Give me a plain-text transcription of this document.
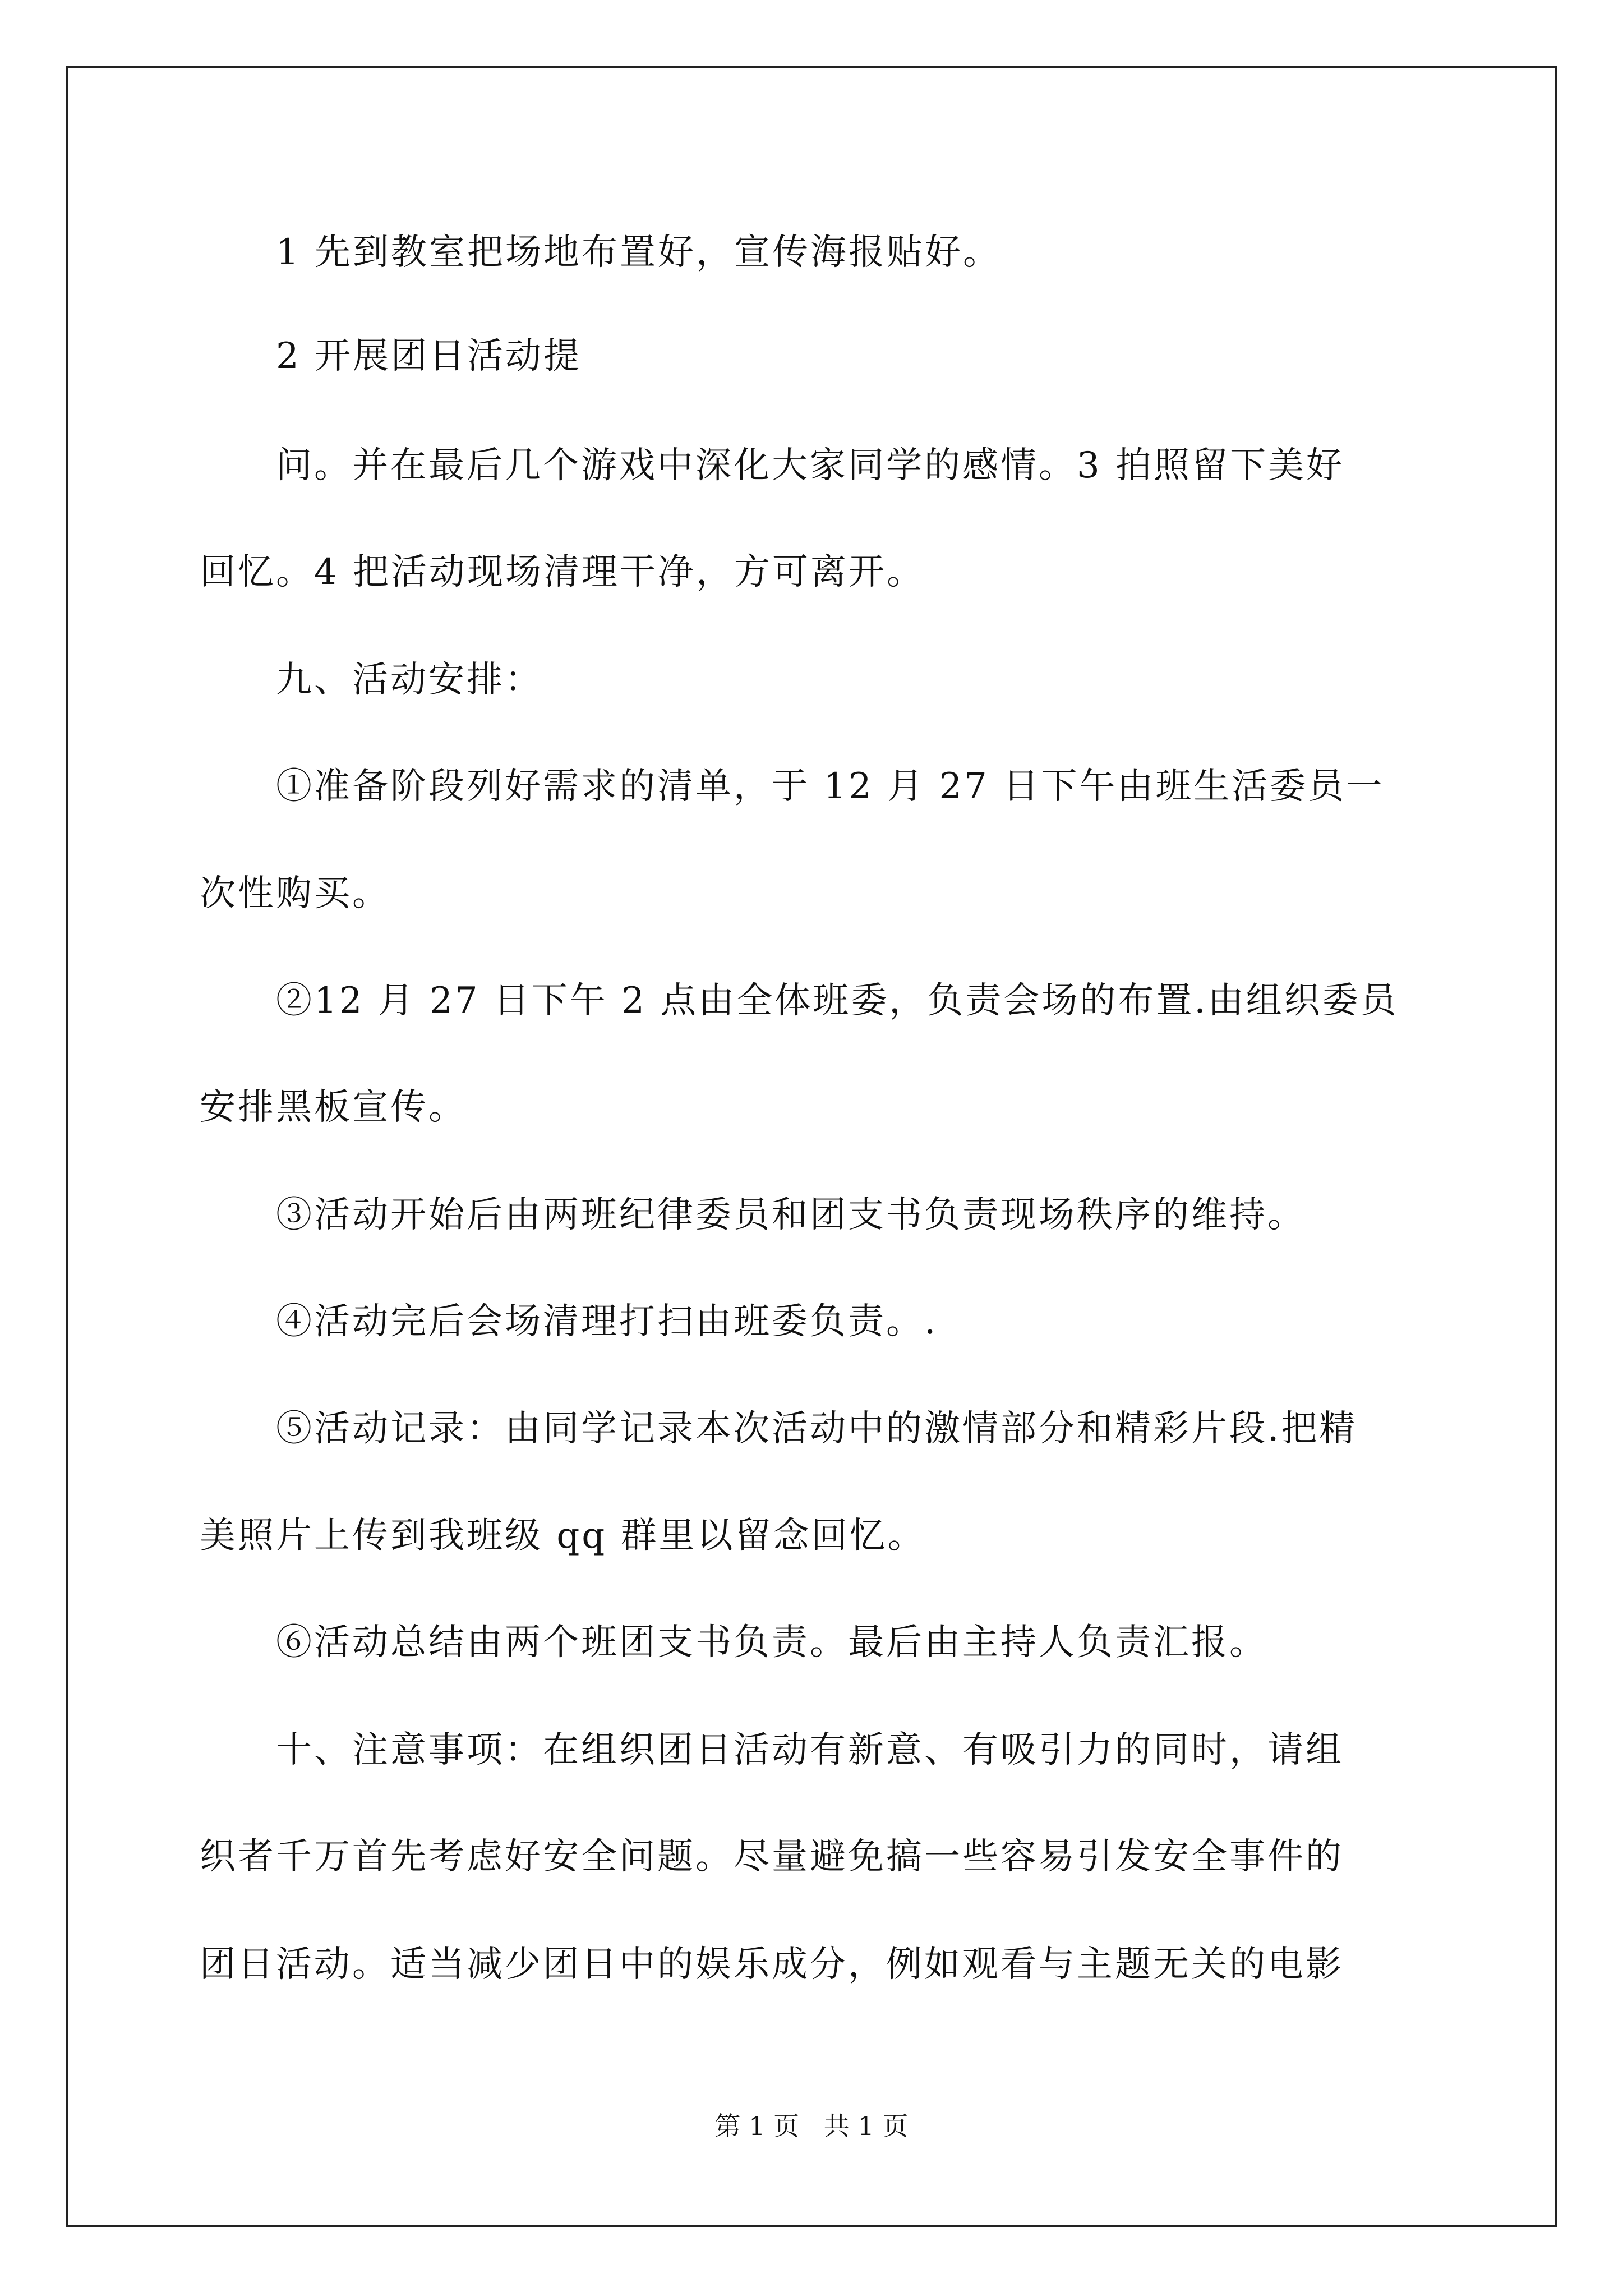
1 先到教室把场地布置好，宣传海报贴好。
2 开展团日活动提
问。并在最后几个游戏中深化大家同学的感情。3 拍照留下美好
回忆。4 把活动现场清理干净，方可离开。
九、活动安排：
①准备阶段列好需求的清单，于 12 月 27 日下午由班生活委员一
次性购买。
②12 月 27 日下午 2 点由全体班委，负责会场的布置.由组织委员
安排黑板宣传。
③活动开始后由两班纪律委员和团支书负责现场秩序的维持。
④活动完后会场清理打扫由班委负责。.
⑤活动记录：由同学记录本次活动中的激情部分和精彩片段.把精
美照片上传到我班级 qq 群里以留念回忆。
⑥活动总结由两个班团支书负责。最后由主持人负责汇报。
十、注意事项：在组织团日活动有新意、有吸引力的同时，请组
织者千万首先考虑好安全问题。尽量避免搞一些容易引发安全事件的
团日活动。适当减少团日中的娱乐成分，例如观看与主题无关的电影
第 1 页   共 1 页
